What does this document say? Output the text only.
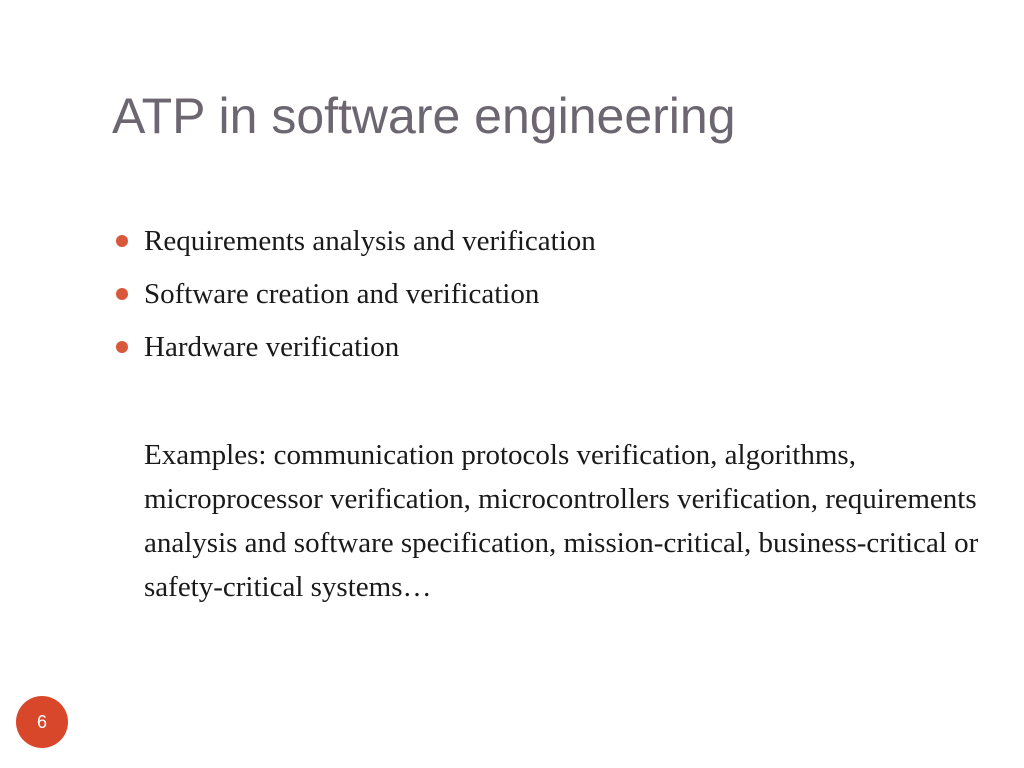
ATP in software engineering
Requirements analysis and verification
Software creation and verification
Hardware verification
Examples: communication protocols verification, algorithms, microprocessor verification, microcontrollers verification, requirements analysis and software specification, mission-critical, business-critical or safety-critical systems…
6
